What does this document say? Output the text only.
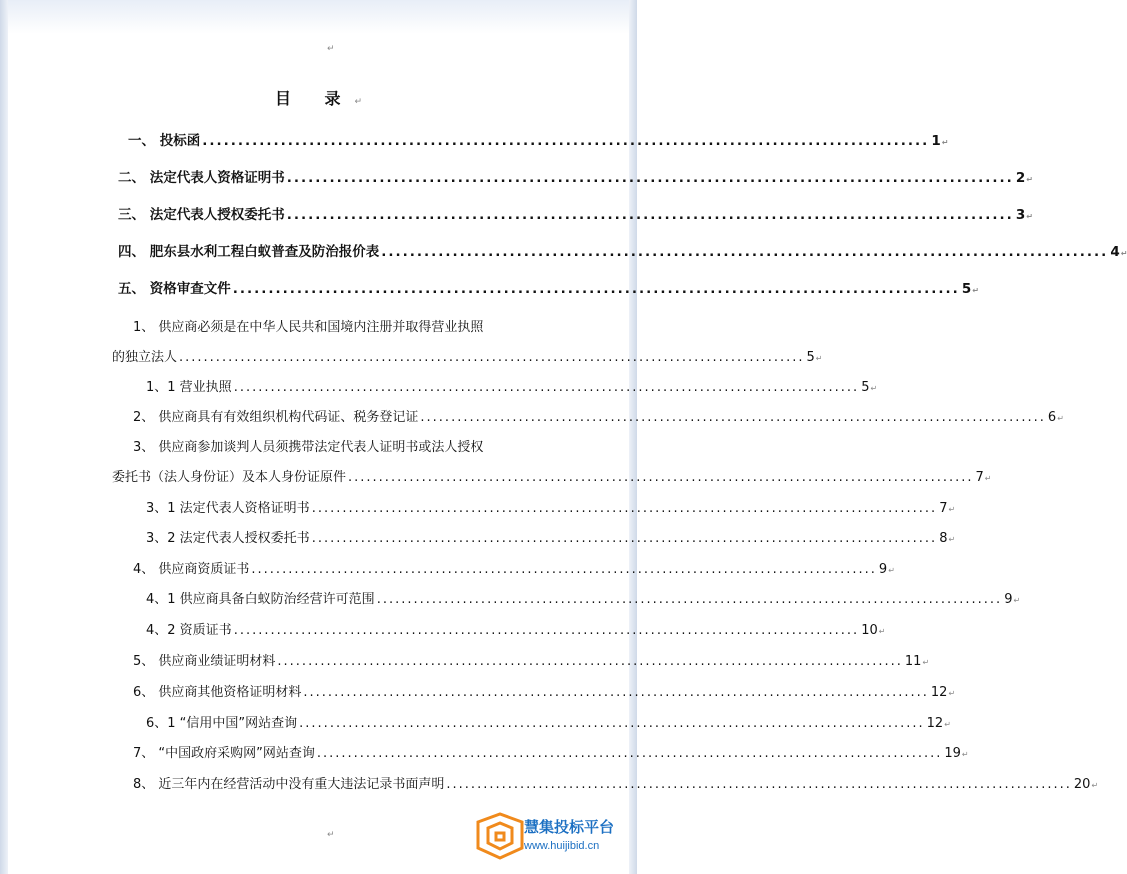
↵
目 录↵
一、 投标函 ...................................................................................................... 1 ↵
二、 法定代表人资格证明书 ...................................................................................................... 2 ↵
三、 法定代表人授权委托书 ...................................................................................................... 3 ↵
四、 肥东县水利工程白蚁普查及防治报价表 ...................................................................................................... 4 ↵
五、 资格审查文件 ...................................................................................................... 5 ↵
1、 供应商必须是在中华人民共和国境内注册并取得营业执照
的独立法人 ...................................................................................................... 5 ↵
1、1 营业执照 ...................................................................................................... 5 ↵
2、 供应商具有有效组织机构代码证、税务登记证 ...................................................................................................... 6 ↵
3、 供应商参加谈判人员须携带法定代表人证明书或法人授权
委托书（法人身份证）及本人身份证原件 ...................................................................................................... 7 ↵
3、1 法定代表人资格证明书 ...................................................................................................... 7 ↵
3、2 法定代表人授权委托书 ...................................................................................................... 8 ↵
4、 供应商资质证书 ...................................................................................................... 9 ↵
4、1 供应商具备白蚁防治经营许可范围 ...................................................................................................... 9 ↵
4、2 资质证书 ...................................................................................................... 10 ↵
5、 供应商业绩证明材料 ...................................................................................................... 11 ↵
6、 供应商其他资格证明材料 ...................................................................................................... 12 ↵
6、1 “信用中国”网站查询 ...................................................................................................... 12 ↵
7、 “中国政府采购网”网站查询 ...................................................................................................... 19 ↵
8、 近三年内在经营活动中没有重大违法记录书面声明 ...................................................................................................... 20 ↵
↵	慧集投标平台
www.huijibid.cn
